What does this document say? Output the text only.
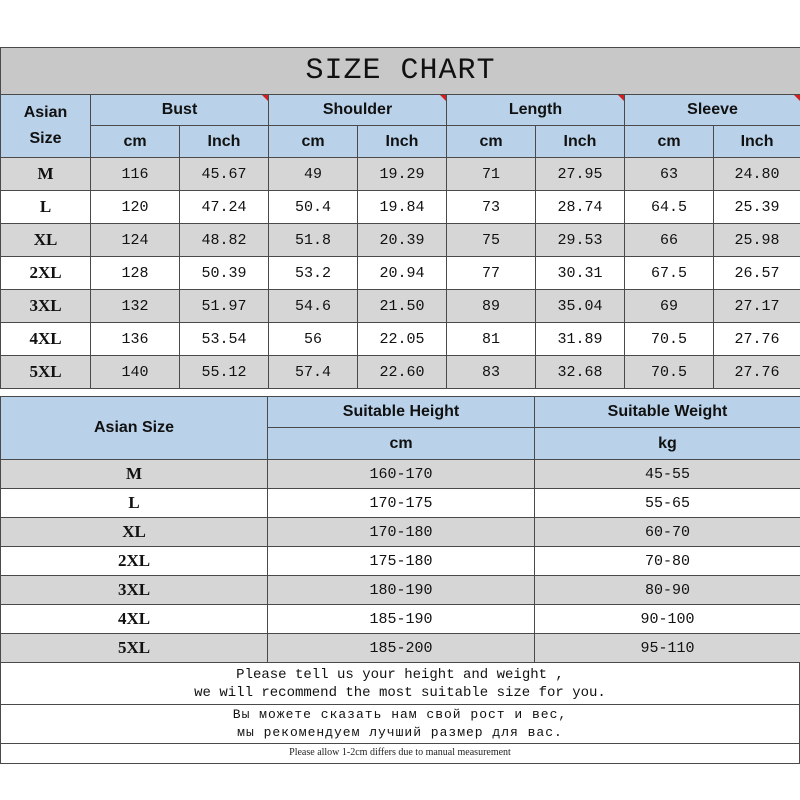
SIZE CHART								

Asian
Size	Bust		Shoulder		Length		Sleeve	

	cm	Inch	cm	Inch	cm	Inch	cm	Inch
M	116	45.67	49	19.29	71	27.95	63	24.80
L	120	47.24	50.4	19.84	73	28.74	64.5	25.39
XL	124	48.82	51.8	20.39	75	29.53	66	25.98
2XL	128	50.39	53.2	20.94	77	30.31	67.5	26.57
3XL	132	51.97	54.6	21.50	89	35.04	69	27.17
4XL	136	53.54	56	22.05	81	31.89	70.5	27.76
5XL	140	55.12	57.4	22.60	83	32.68	70.5	27.76
Asian Size	Suitable Height	Suitable Weight
	cm	kg
M	160-170	45-55
L	170-175	55-65
XL	170-180	60-70
2XL	175-180	70-80
3XL	180-190	80-90
4XL	185-190	90-100
5XL	185-200	95-110
Please tell us your height and weight ,
we will recommend the most suitable size for you.
Вы можете сказать нам свой рост и вес,
мы рекомендуем лучший размер для вас.
Please allow 1-2cm differs due to manual measurement
